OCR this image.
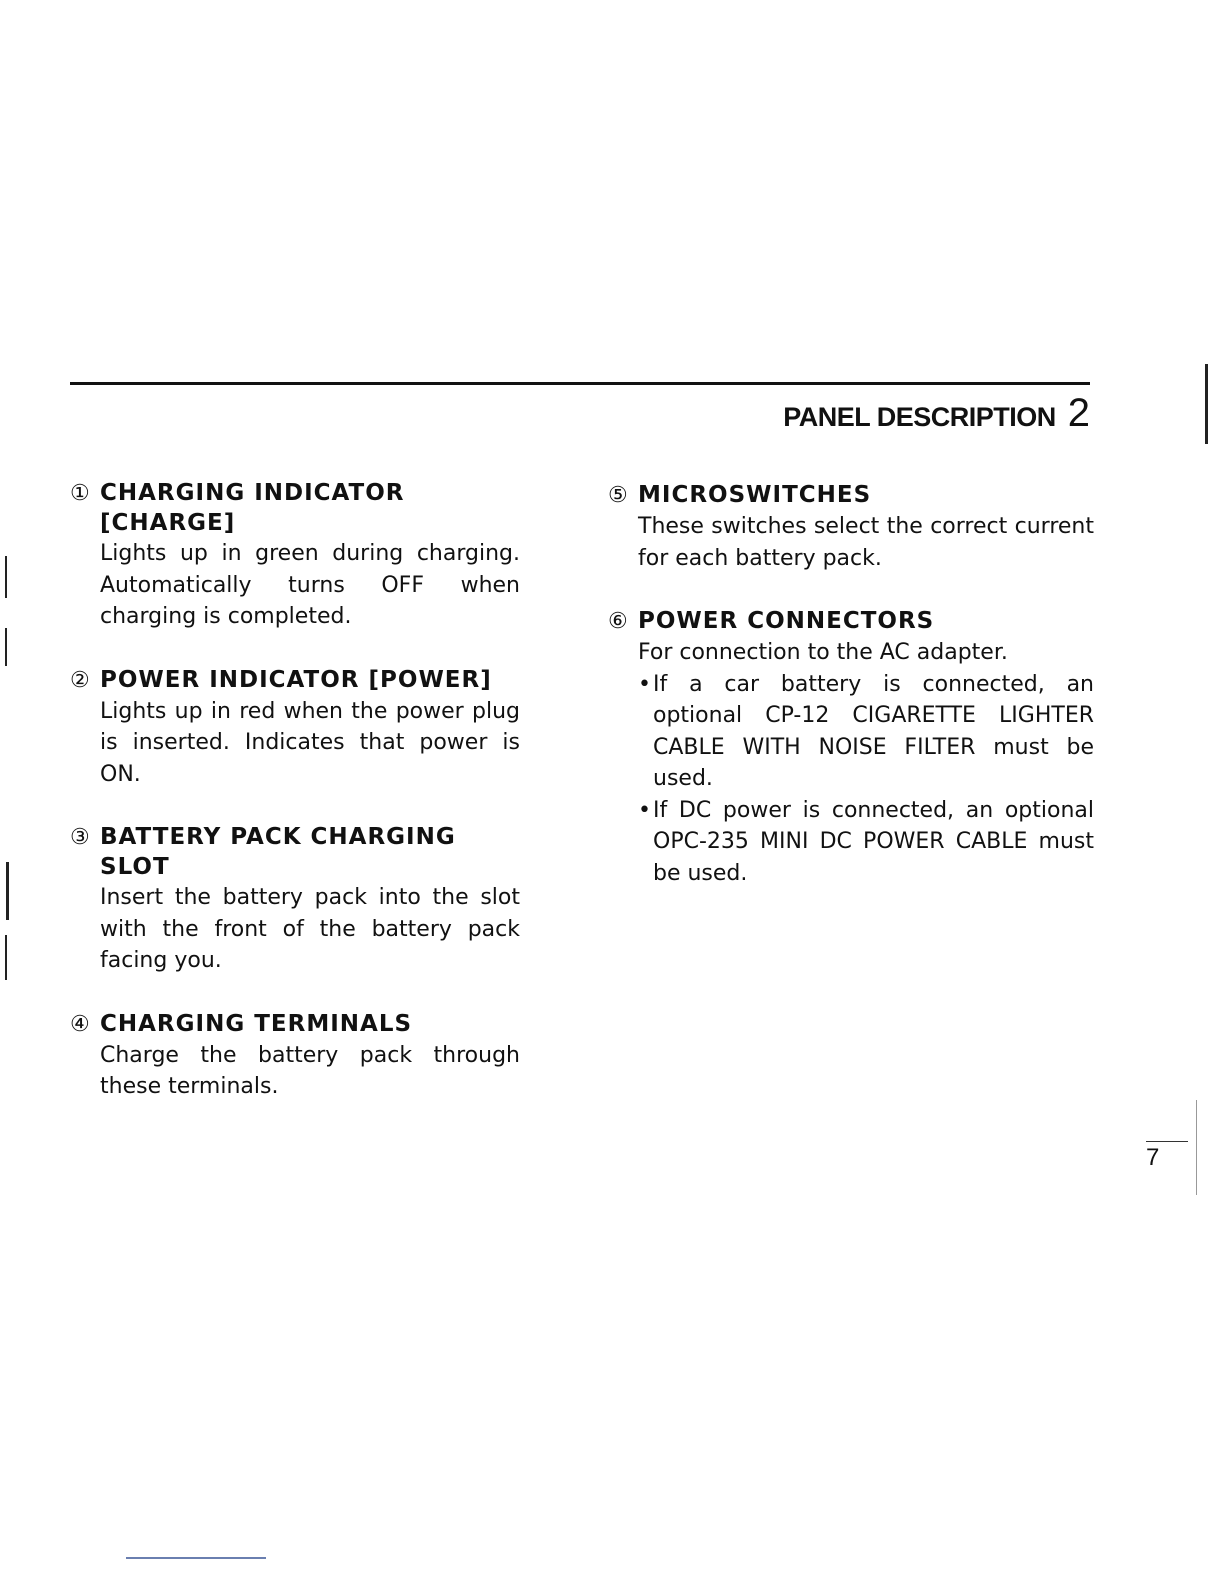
PANEL DESCRIPTION 2
① CHARGING INDICATOR [CHARGE]
Lights up in green during charging. Automatically turns OFF when charging is completed.
② POWER INDICATOR [POWER]
Lights up in red when the power plug is inserted. Indicates that power is ON.
③ BATTERY PACK CHARGING SLOT
Insert the battery pack into the slot with the front of the battery pack facing you.
④ CHARGING TERMINALS
Charge the battery pack through these terminals.
⑤ MICROSWITCHES
These switches select the correct current for each battery pack.
⑥ POWER CONNECTORS
For connection to the AC adapter.
• If a car battery is connected, an optional CP-12 CIGARETTE LIGHTER CABLE WITH NOISE FILTER must be used.
• If DC power is connected, an optional OPC-235 MINI DC POWER CABLE must be used.
7
